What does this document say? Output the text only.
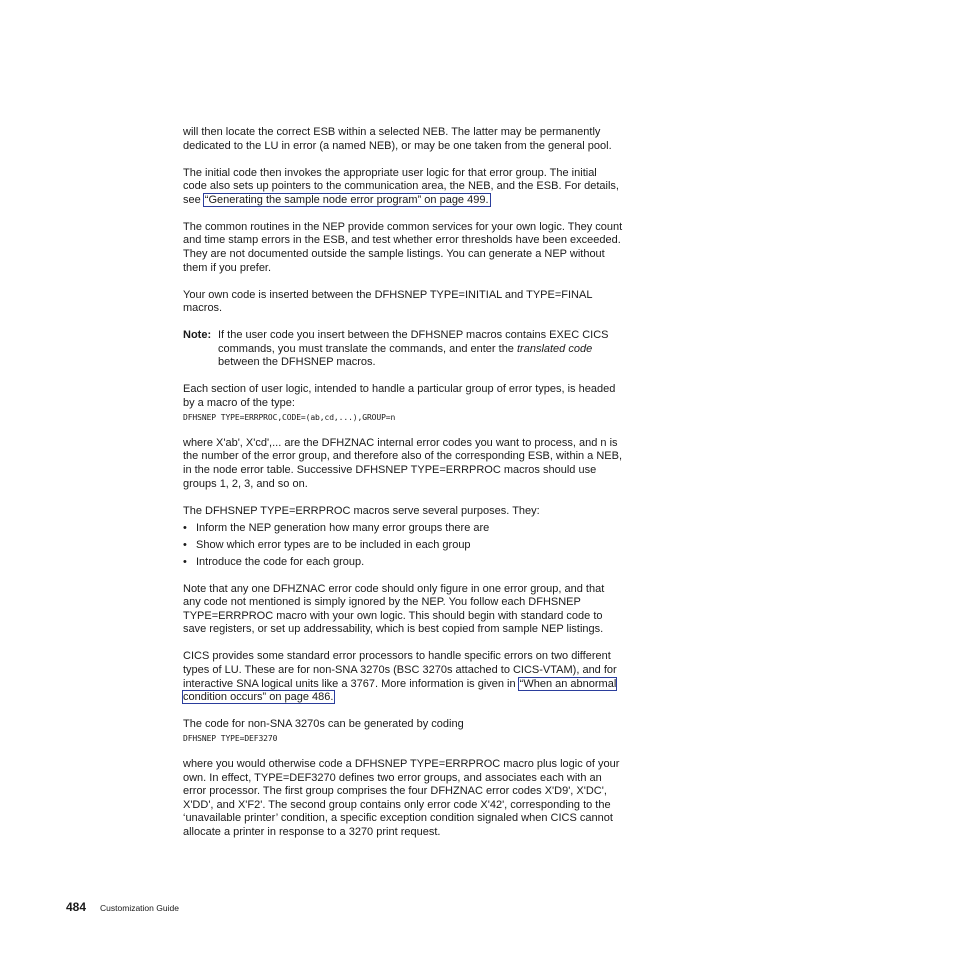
will then locate the correct ESB within a selected NEB. The latter may be permanently dedicated to the LU in error (a named NEB), or may be one taken from the general pool.

The initial code then invokes the appropriate user logic for that error group. The initial code also sets up pointers to the communication area, the NEB, and the ESB. For details, see “Generating the sample node error program” on page 499.

The common routines in the NEP provide common services for your own logic. They count and time stamp errors in the ESB, and test whether error thresholds have been exceeded. They are not documented outside the sample listings. You can generate a NEP without them if you prefer.

Your own code is inserted between the DFHSNEP TYPE=INITIAL and TYPE=FINAL macros.

Note: If the user code you insert between the DFHSNEP macros contains EXEC CICS commands, you must translate the commands, and enter the translated code between the DFHSNEP macros.

Each section of user logic, intended to handle a particular group of error types, is headed by a macro of the type:

DFHSNEP TYPE=ERRPROC,CODE=(ab,cd,...),GROUP=n

where X'ab', X'cd',... are the DFHZNAC internal error codes you want to process, and n is the number of the error group, and therefore also of the corresponding ESB, within a NEB, in the node error table. Successive DFHSNEP TYPE=ERRPROC macros should use groups 1, 2, 3, and so on.

The DFHSNEP TYPE=ERRPROC macros serve several purposes. They:

• Inform the NEP generation how many error groups there are
• Show which error types are to be included in each group
• Introduce the code for each group.

Note that any one DFHZNAC error code should only figure in one error group, and that any code not mentioned is simply ignored by the NEP. You follow each DFHSNEP TYPE=ERRPROC macro with your own logic. This should begin with standard code to save registers, or set up addressability, which is best copied from sample NEP listings.

CICS provides some standard error processors to handle specific errors on two different types of LU. These are for non-SNA 3270s (BSC 3270s attached to CICS-VTAM), and for interactive SNA logical units like a 3767. More information is given in “When an abnormal condition occurs” on page 486.

The code for non-SNA 3270s can be generated by coding

DFHSNEP TYPE=DEF3270

where you would otherwise code a DFHSNEP TYPE=ERRPROC macro plus logic of your own. In effect, TYPE=DEF3270 defines two error groups, and associates each with an error processor. The first group comprises the four DFHZNAC error codes X'D9', X'DC', X'DD', and X'F2'. The second group contains only error code X'42', corresponding to the ‘unavailable printer’ condition, a specific exception condition signaled when CICS cannot allocate a printer in response to a 3270 print request.

484 Customization Guide
